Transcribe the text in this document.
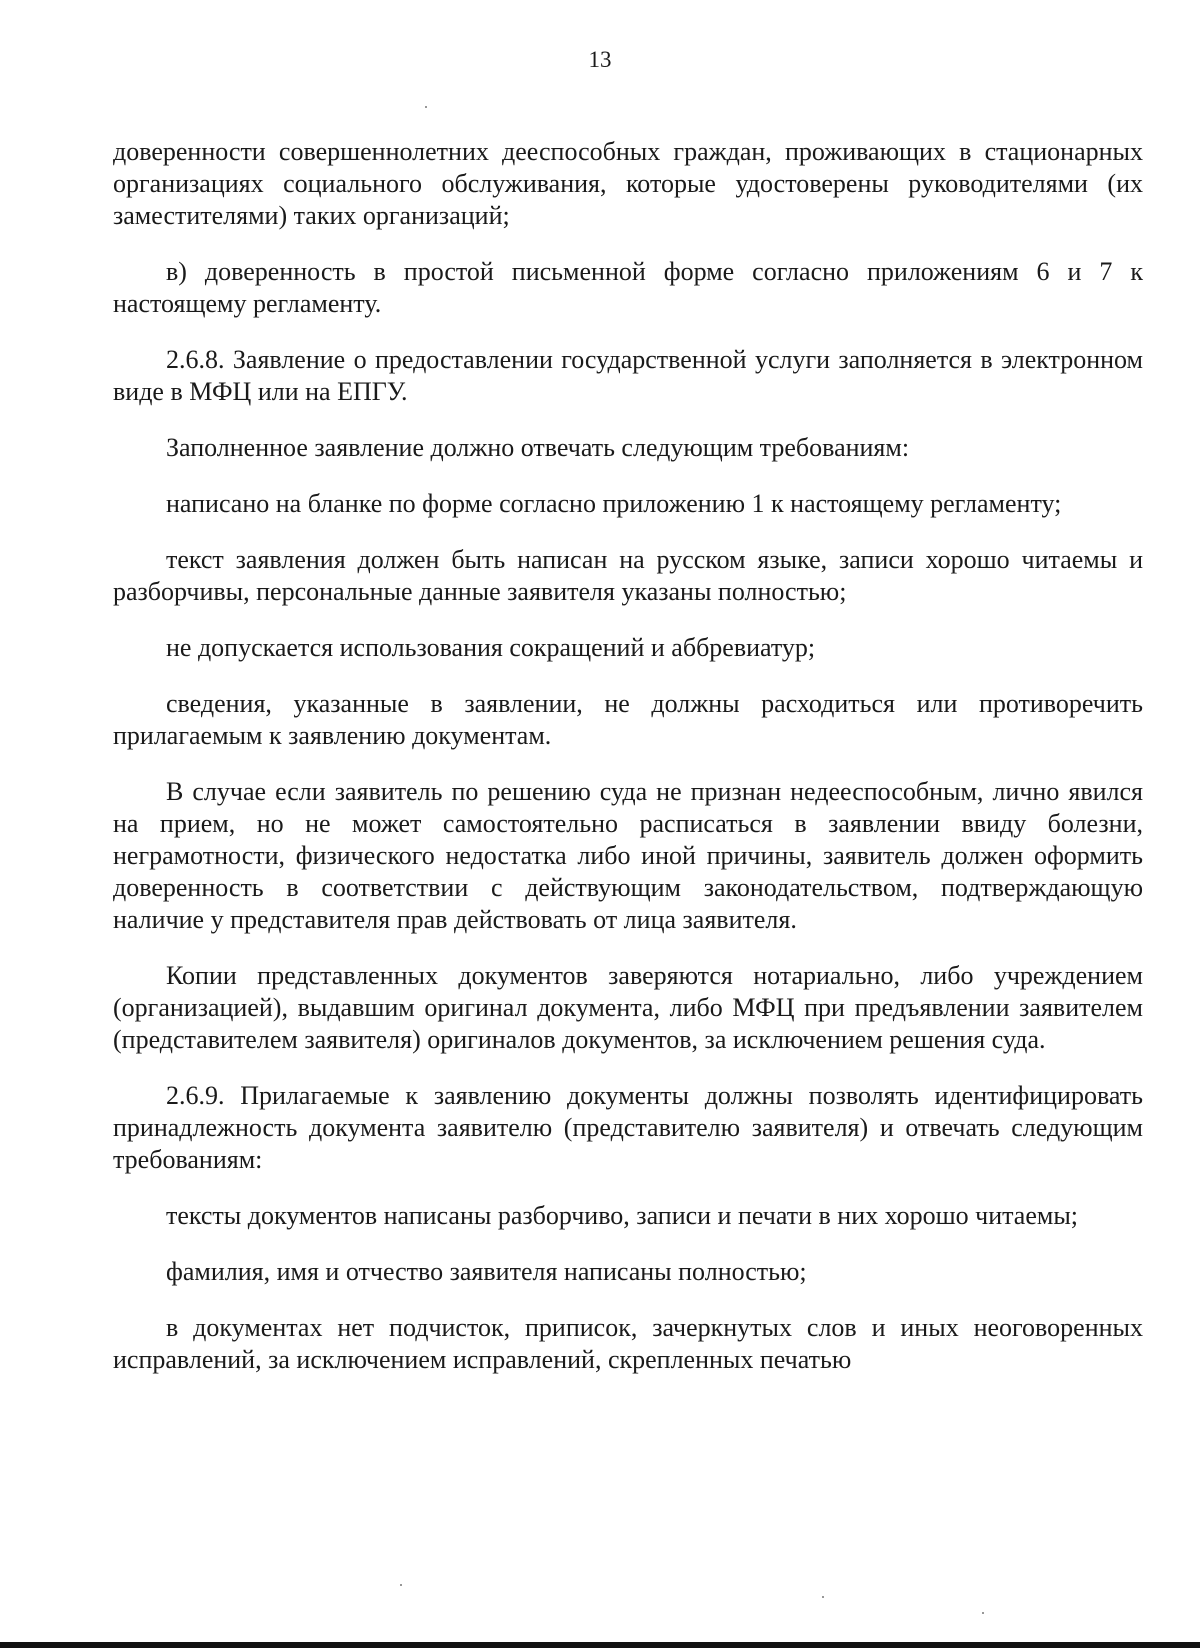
13

доверенности совершеннолетних дееспособных граждан, проживающих в стационарных организациях социального обслуживания, которые удостоверены руководителями (их заместителями) таких организаций;

в) доверенность в простой письменной форме согласно приложениям 6 и 7 к настоящему регламенту.

2.6.8. Заявление о предоставлении государственной услуги заполняется в электронном виде в МФЦ или на ЕПГУ.

Заполненное заявление должно отвечать следующим требованиям:

написано на бланке по форме согласно приложению 1 к настоящему регламенту;

текст заявления должен быть написан на русском языке, записи хорошо читаемы и разборчивы, персональные данные заявителя указаны полностью;

не допускается использования сокращений и аббревиатур;

сведения, указанные в заявлении, не должны расходиться или противоречить прилагаемым к заявлению документам.

В случае если заявитель по решению суда не признан недееспособным, лично явился на прием, но не может самостоятельно расписаться в заявлении ввиду болезни, неграмотности, физического недостатка либо иной причины, заявитель должен оформить доверенность в соответствии с действующим законодательством, подтверждающую наличие у представителя прав действовать от лица заявителя.

Копии представленных документов заверяются нотариально, либо учреждением (организацией), выдавшим оригинал документа, либо МФЦ при предъявлении заявителем (представителем заявителя) оригиналов документов, за исключением решения суда.

2.6.9. Прилагаемые к заявлению документы должны позволять идентифицировать принадлежность документа заявителю (представителю заявителя) и отвечать следующим требованиям:

тексты документов написаны разборчиво, записи и печати в них хорошо читаемы;

фамилия, имя и отчество заявителя написаны полностью;

в документах нет подчисток, приписок, зачеркнутых слов и иных неоговоренных исправлений, за исключением исправлений, скрепленных печатью
